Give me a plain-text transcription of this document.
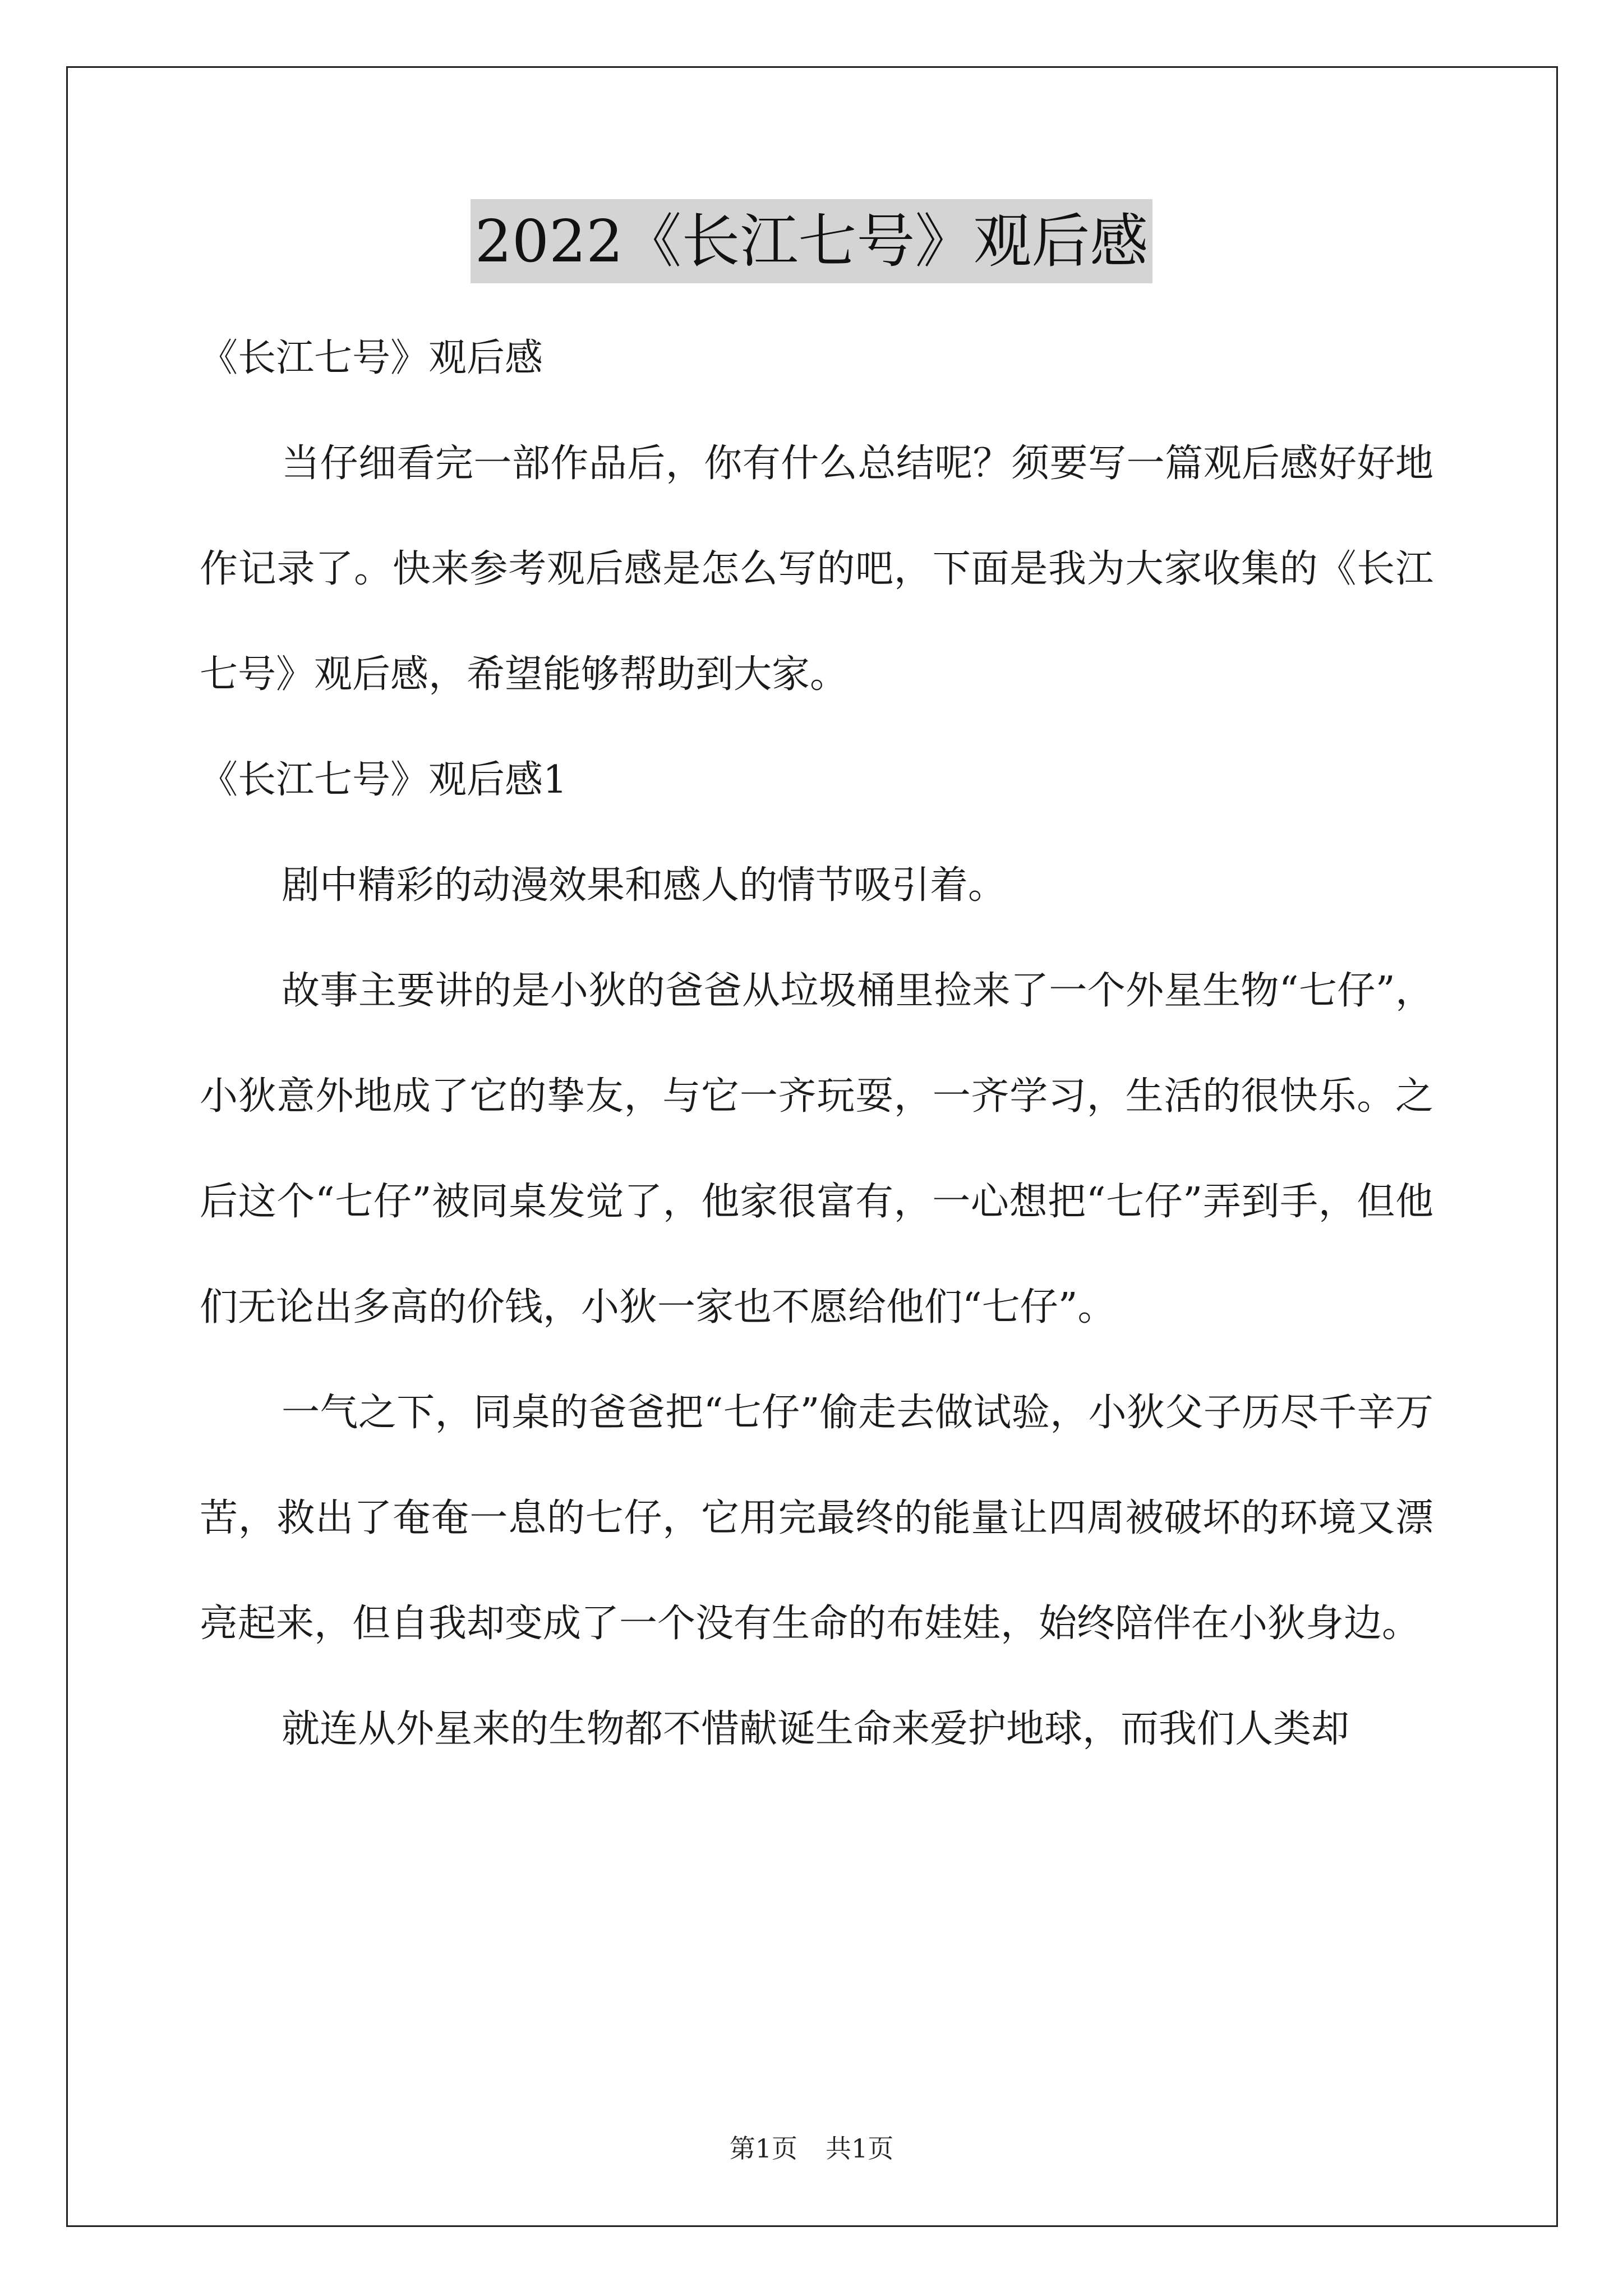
2022《长江七号》观后感

《长江七号》观后感

当仔细看完一部作品后，你有什么总结呢？须要写一篇观后感好好地作记录了。快来参考观后感是怎么写的吧，下面是我为大家收集的《长江七号》观后感，希望能够帮助到大家。

《长江七号》观后感1

剧中精彩的动漫效果和感人的情节吸引着。

故事主要讲的是小狄的爸爸从垃圾桶里捡来了一个外星生物“七仔”，小狄意外地成了它的挚友，与它一齐玩耍，一齐学习，生活的很快乐。之后这个“七仔”被同桌发觉了，他家很富有，一心想把“七仔”弄到手，但他们无论出多高的价钱，小狄一家也不愿给他们“七仔”。

一气之下，同桌的爸爸把“七仔”偷走去做试验，小狄父子历尽千辛万苦，救出了奄奄一息的七仔，它用完最终的能量让四周被破坏的环境又漂亮起来，但自我却变成了一个没有生命的布娃娃，始终陪伴在小狄身边。

就连从外星来的生物都不惜献诞生命来爱护地球，而我们人类却

第1页 共1页
